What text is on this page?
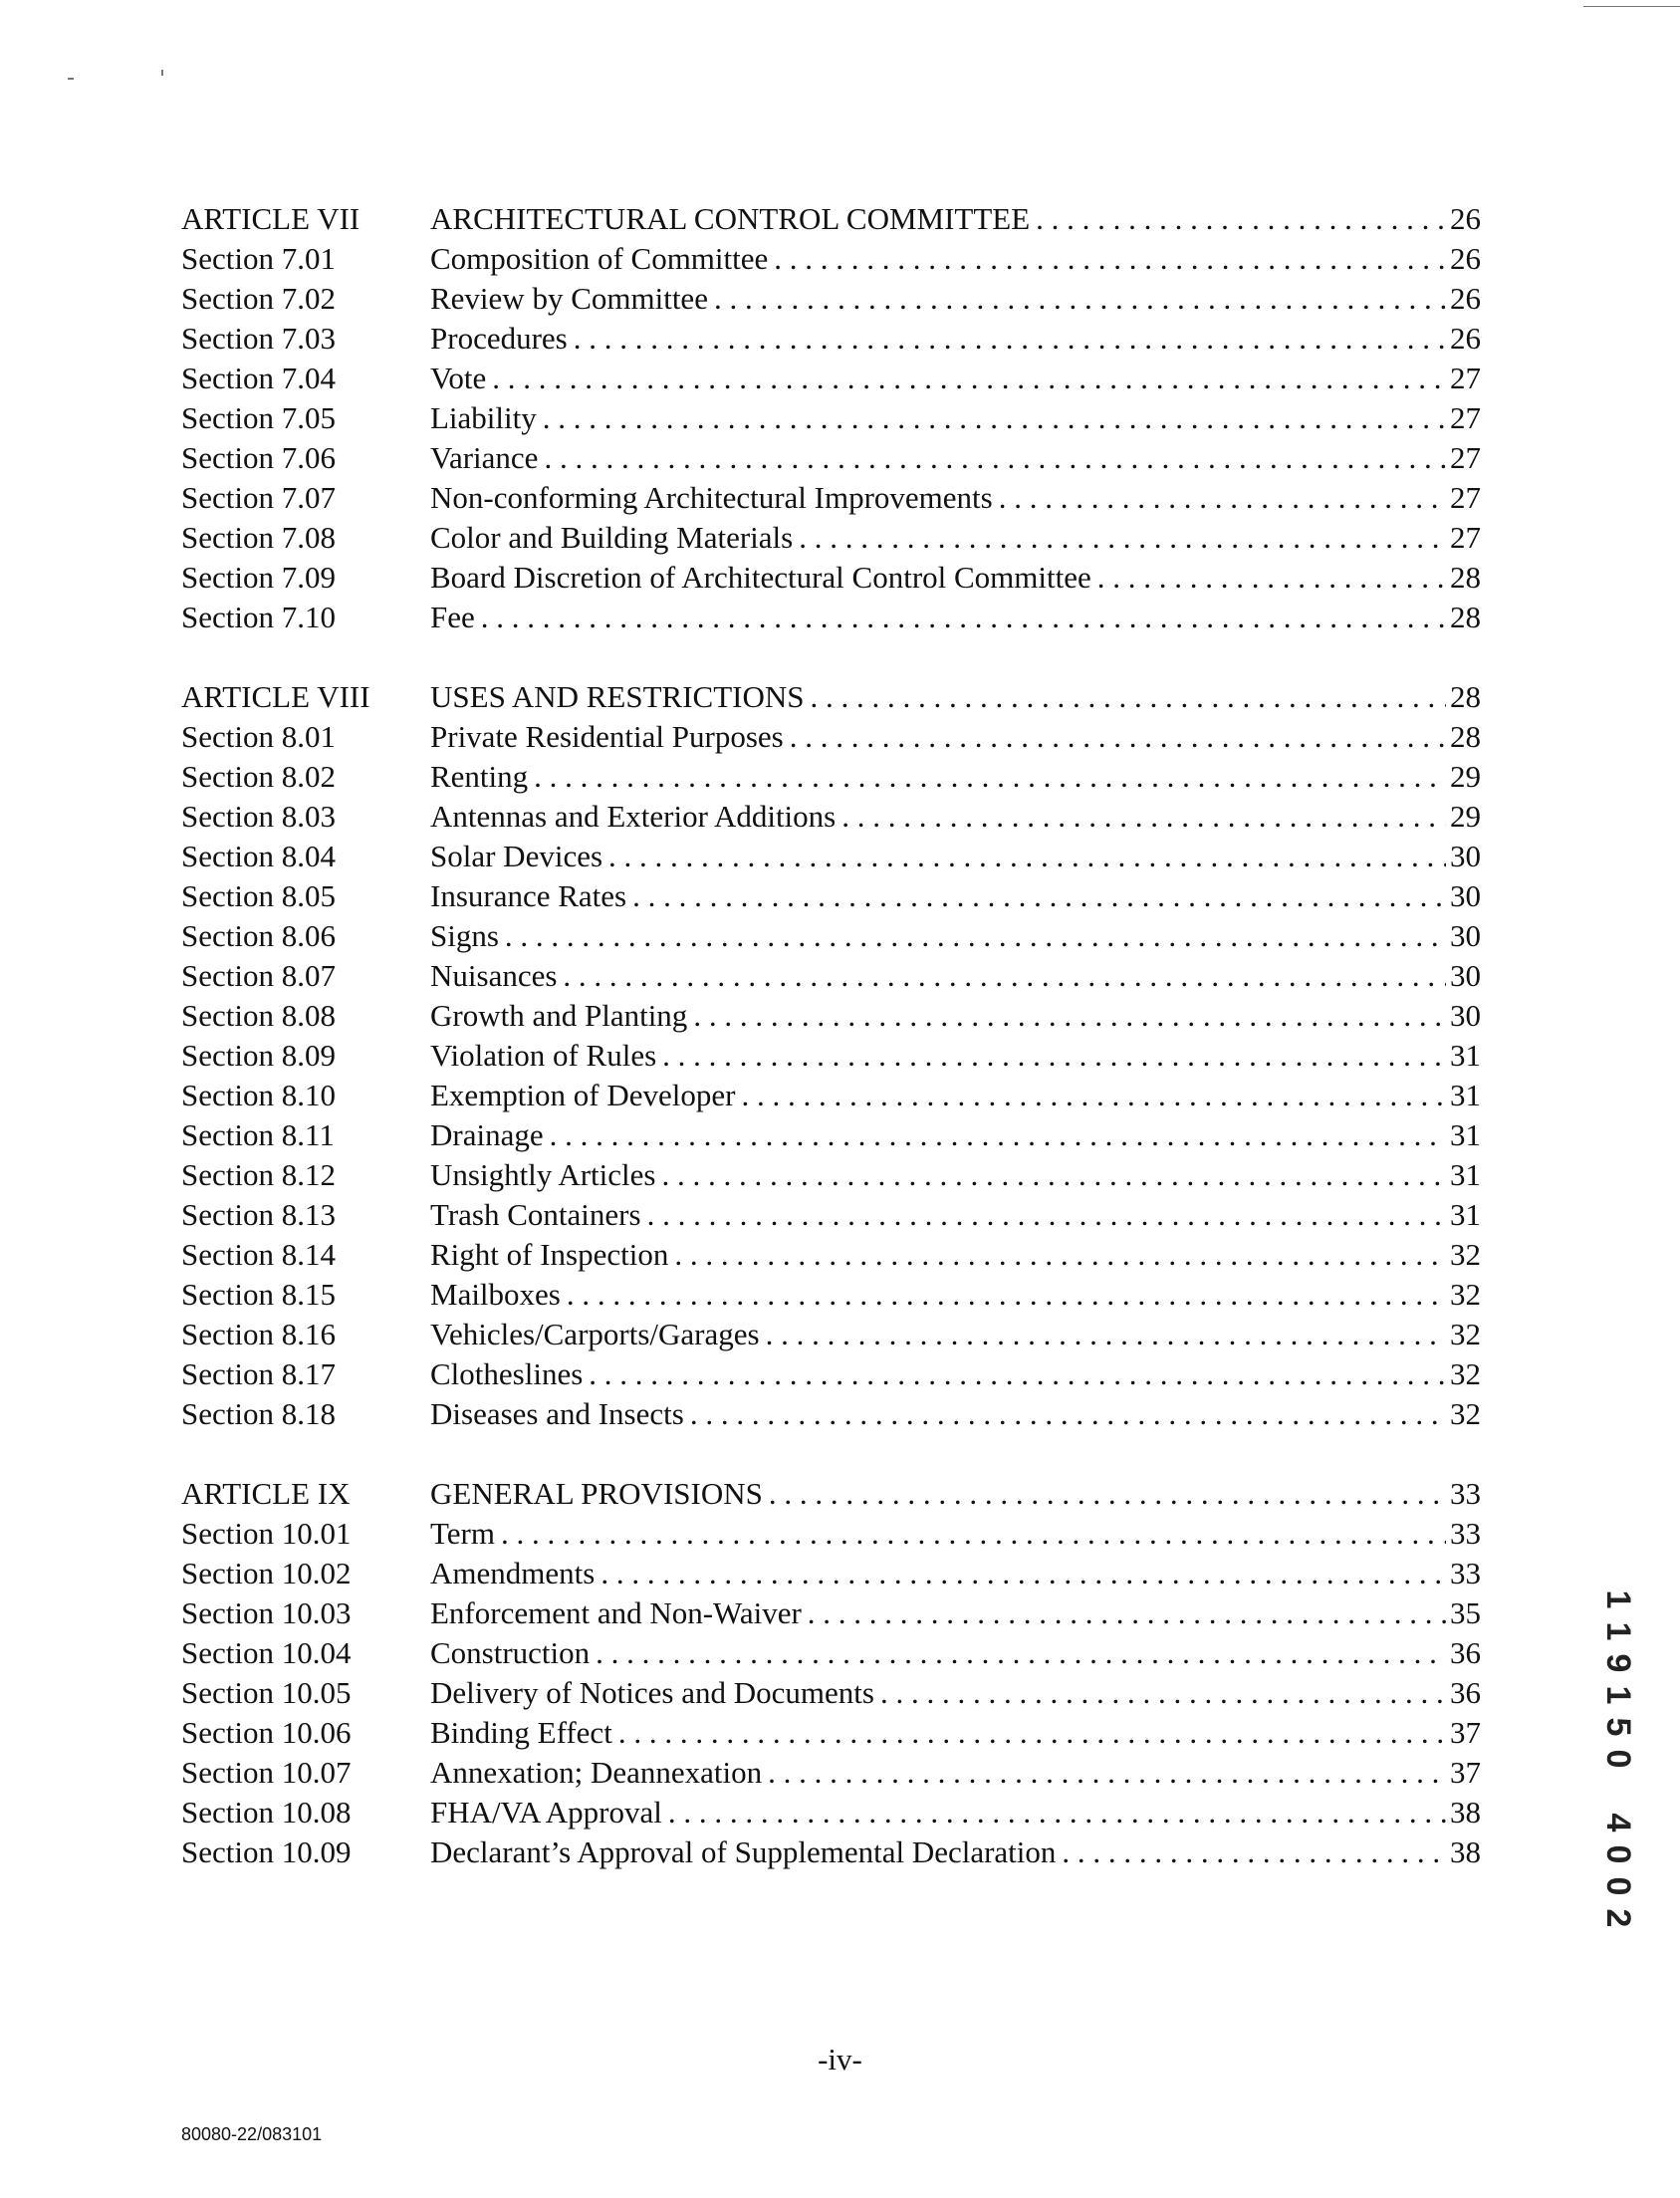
ARTICLE VII	ARCHITECTURAL CONTROL COMMITTEE . . .	26
Section 7.01	Composition of Committee . . .	26
Section 7.02	Review by Committee . . .	26
Section 7.03	Procedures . . .	26
Section 7.04	Vote . . .	27
Section 7.05	Liability . . .	27
Section 7.06	Variance . . .	27
Section 7.07	Non-conforming Architectural Improvements . . .	27
Section 7.08	Color and Building Materials . . .	27
Section 7.09	Board Discretion of Architectural Control Committee . . .	28
Section 7.10	Fee . . .	28
ARTICLE VIII	USES AND RESTRICTIONS . . .	28
Section 8.01	Private Residential Purposes . . .	28
Section 8.02	Renting . . .	29
Section 8.03	Antennas and Exterior Additions . . .	29
Section 8.04	Solar Devices . . .	30
Section 8.05	Insurance Rates . . .	30
Section 8.06	Signs . . .	30
Section 8.07	Nuisances . . .	30
Section 8.08	Growth and Planting . . .	30
Section 8.09	Violation of Rules . . .	31
Section 8.10	Exemption of Developer . . .	31
Section 8.11	Drainage . . .	31
Section 8.12	Unsightly Articles . . .	31
Section 8.13	Trash Containers . . .	31
Section 8.14	Right of Inspection . . .	32
Section 8.15	Mailboxes . . .	32
Section 8.16	Vehicles/Carports/Garages . . .	32
Section 8.17	Clotheslines . . .	32
Section 8.18	Diseases and Insects . . .	32
ARTICLE IX	GENERAL PROVISIONS . . .	33
Section 10.01	Term . . .	33
Section 10.02	Amendments . . .	33
Section 10.03	Enforcement and Non-Waiver . . .	35
Section 10.04	Construction . . .	36
Section 10.05	Delivery of Notices and Documents . . .	36
Section 10.06	Binding Effect . . .	37
Section 10.07	Annexation; Deannexation . . .	37
Section 10.08	FHA/VA Approval . . .	38
Section 10.09	Declarant’s Approval of Supplemental Declaration . . .	38
-iv-
80080-22/083101
1
1
9
1
5
0

4
0
0
2
